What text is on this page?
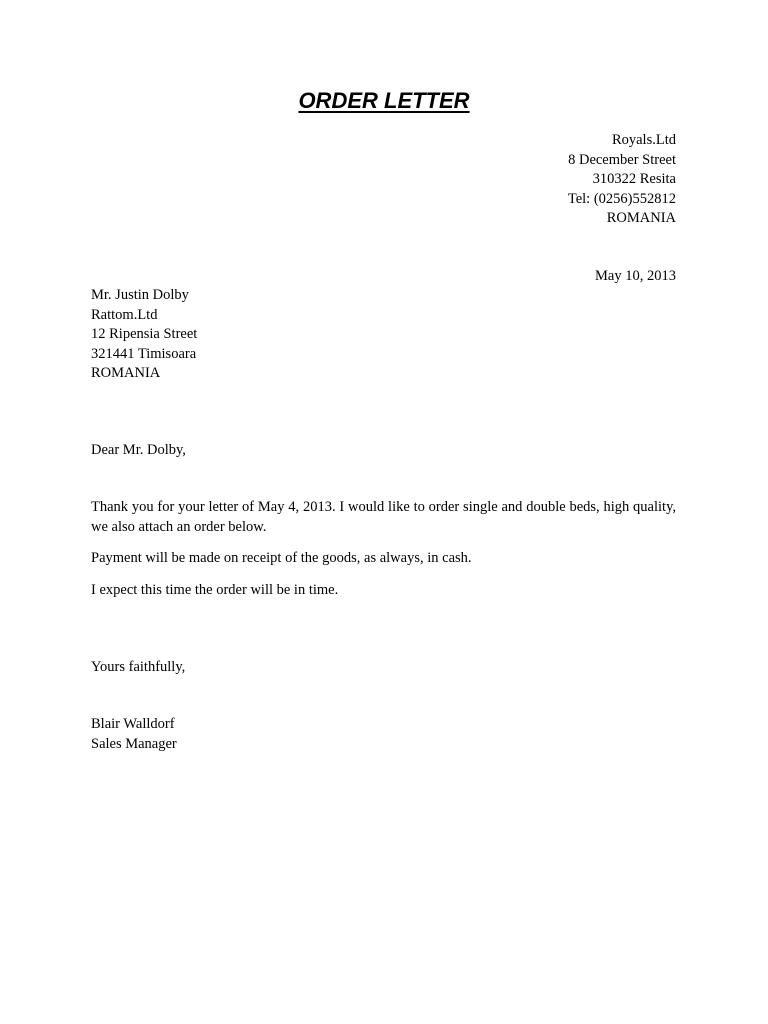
ORDER LETTER
Royals.Ltd
8 December Street
310322 Resita
Tel: (0256)552812
ROMANIA
May 10, 2013
Mr. Justin Dolby
Rattom.Ltd
12 Ripensia Street
321441 Timisoara
ROMANIA
Dear Mr. Dolby,

Thank you for your letter of May 4, 2013. I would like to order single and double beds, high quality, we also attach an order below.

Payment will be made on receipt of the goods, as always, in cash.

I expect this time the order will be in time.

Yours faithfully,
Blair Walldorf
Sales Manager
